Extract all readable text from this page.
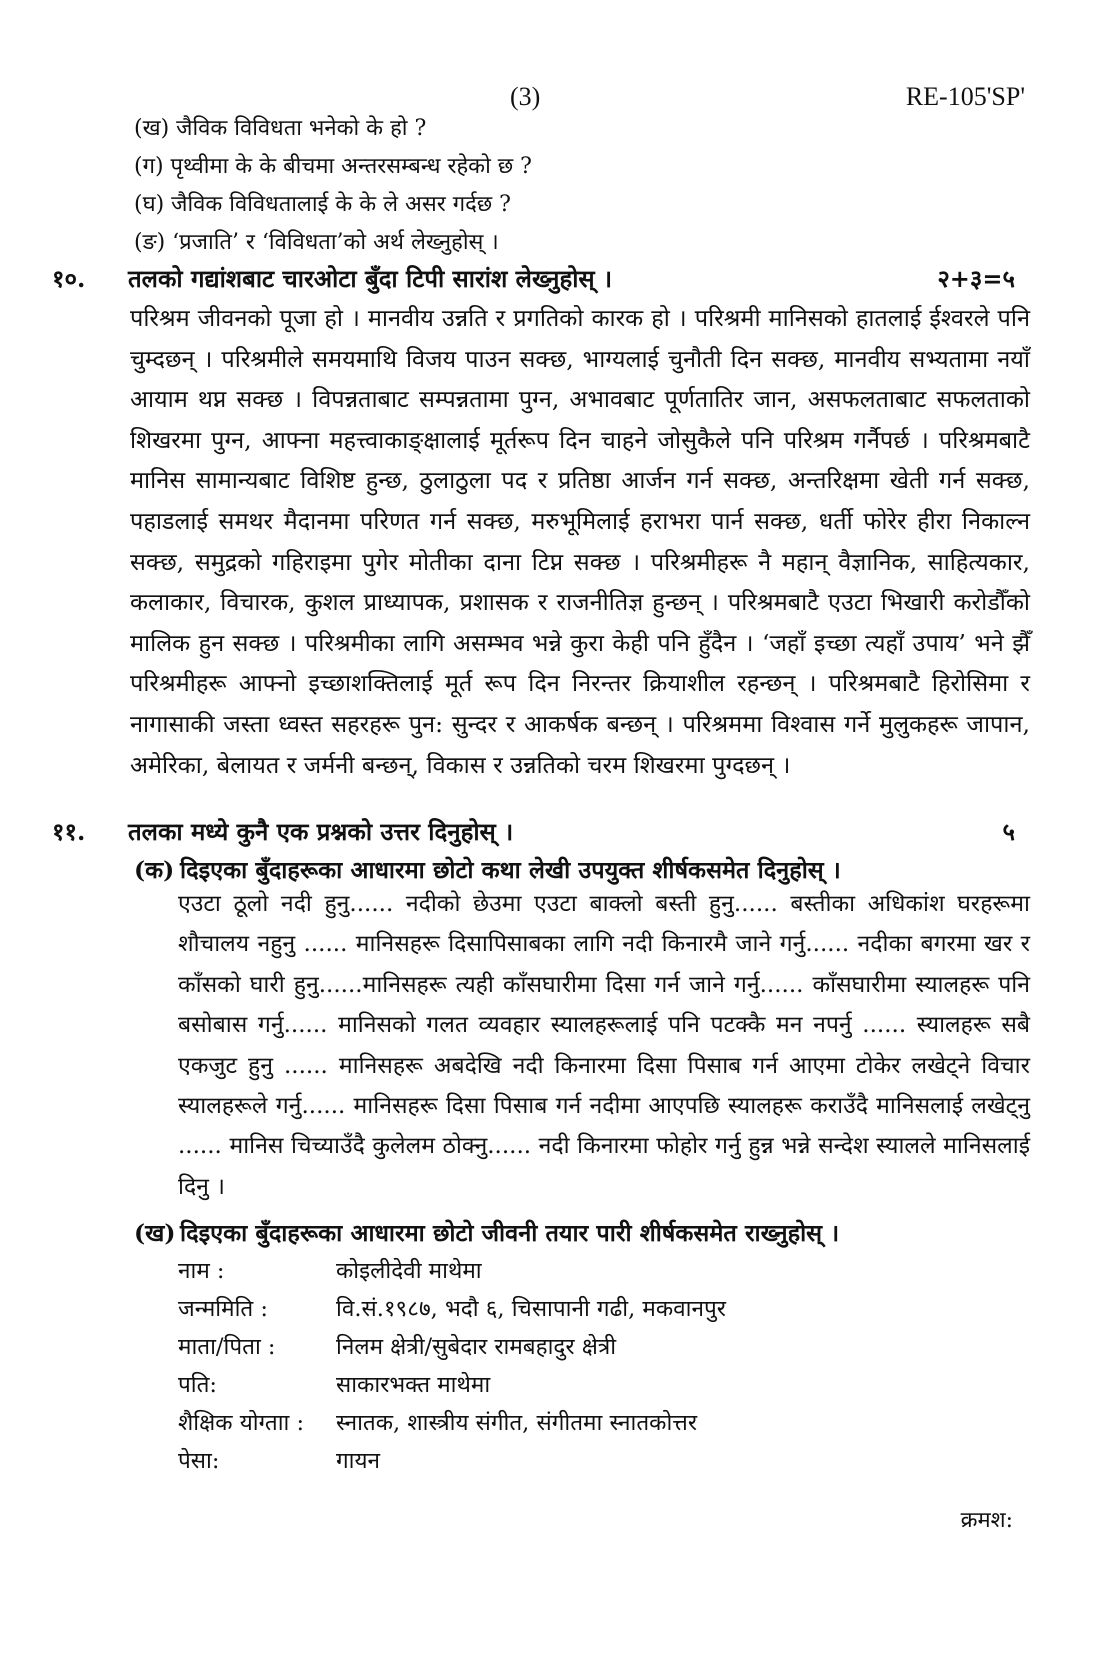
(3)	RE-105'SP'
(ख) जैविक विविधता भनेको के हो ?
(ग) पृथ्वीमा के के बीचमा अन्तरसम्बन्ध रहेको छ ?
(घ) जैविक विविधतालाई के के ले असर गर्दछ ?
(ङ) ‘प्रजाति’ र ‘विविधता’को अर्थ लेख्नुहोस् ।
१०. तलको गद्यांशबाट चारओटा बुँदा टिपी सारांश लेख्नुहोस् ।	२+३=५
परिश्रम जीवनको पूजा हो । मानवीय उन्नति र प्रगतिको कारक हो । परिश्रमी मानिसको हातलाई ईश्वरले पनि चुम्दछन् । परिश्रमीले समयमाथि विजय पाउन सक्छ, भाग्यलाई चुनौती दिन सक्छ, मानवीय सभ्यतामा नयाँ आयाम थप्न सक्छ । विपन्नताबाट सम्पन्नतामा पुग्न, अभावबाट पूर्णतातिर जान, असफलताबाट सफलताको शिखरमा पुग्न, आफ्ना महत्त्वाकाङ्क्षालाई मूर्तरूप दिन चाहने जोसुकैले पनि परिश्रम गर्नैपर्छ । परिश्रमबाटै मानिस सामान्यबाट विशिष्ट हुन्छ, ठुलाठुला पद र प्रतिष्ठा आर्जन गर्न सक्छ, अन्तरिक्षमा खेती गर्न सक्छ, पहाडलाई समथर मैदानमा परिणत गर्न सक्छ, मरुभूमिलाई हराभरा पार्न सक्छ, धर्ती फोरेर हीरा निकाल्न सक्छ, समुद्रको गहिराइमा पुगेर मोतीका दाना टिप्न सक्छ । परिश्रमीहरू नै महान् वैज्ञानिक, साहित्यकार, कलाकार, विचारक, कुशल प्राध्यापक, प्रशासक र राजनीतिज्ञ हुन्छन् । परिश्रमबाटै एउटा भिखारी करोडौँको मालिक हुन सक्छ । परिश्रमीका लागि असम्भव भन्ने कुरा केही पनि हुँदैन । ‘जहाँ इच्छा त्यहाँ उपाय’ भने झैँ परिश्रमीहरू आफ्नो इच्छाशक्तिलाई मूर्त रूप दिन निरन्तर क्रियाशील रहन्छन् । परिश्रमबाटै हिरोसिमा र नागासाकी जस्ता ध्वस्त सहरहरू पुन: सुन्दर र आकर्षक बन्छन् । परिश्रममा विश्वास गर्ने मुलुकहरू जापान, अमेरिका, बेलायत र जर्मनी बन्छन्, विकास र उन्नतिको चरम शिखरमा पुग्दछन् ।
११. तलका मध्ये कुनै एक प्रश्नको उत्तर दिनुहोस् ।	५
(क) दिइएका बुँदाहरूका आधारमा छोटो कथा लेखी उपयुक्त शीर्षकसमेत दिनुहोस् ।
एउटा ठूलो नदी हुनु...... नदीको छेउमा एउटा बाक्लो बस्ती हुनु...... बस्तीका अधिकांश घरहरूमा शौचालय नहुनु ...... मानिसहरू दिसापिसाबका लागि नदी किनारमै जाने गर्नु...... नदीका बगरमा खर र काँसको घारी हुनु......मानिसहरू त्यही काँसघारीमा दिसा गर्न जाने गर्नु...... काँसघारीमा स्यालहरू पनि बसोबास गर्नु...... मानिसको गलत व्यवहार स्यालहरूलाई पनि पटक्कै मन नपर्नु ...... स्यालहरू सबै एकजुट हुनु ...... मानिसहरू अबदेखि नदी किनारमा दिसा पिसाब गर्न आएमा टोकेर लखेट्ने विचार स्यालहरूले गर्नु...... मानिसहरू दिसा पिसाब गर्न नदीमा आएपछि स्यालहरू कराउँदै मानिसलाई लखेट्नु ...... मानिस चिच्याउँदै कुलेलम ठोक्नु...... नदी किनारमा फोहोर गर्नु हुन्न भन्ने सन्देश स्यालले मानिसलाई दिनु ।
(ख) दिइएका बुँदाहरूका आधारमा छोटो जीवनी तयार पारी शीर्षकसमेत राख्नुहोस् ।
नाम :	कोइलीदेवी माथेमा
जन्ममिति :	वि.सं.१९८७, भदौ ६, चिसापानी गढी, मकवानपुर
माता/पिता :	निलम क्षेत्री/सुबेदार रामबहादुर क्षेत्री
पति:	साकारभक्त माथेमा
शैक्षिक योग्ताा : स्नातक, शास्त्रीय संगीत, संगीतमा स्नातकोत्तर
पेसा:	गायन
क्रमश:
